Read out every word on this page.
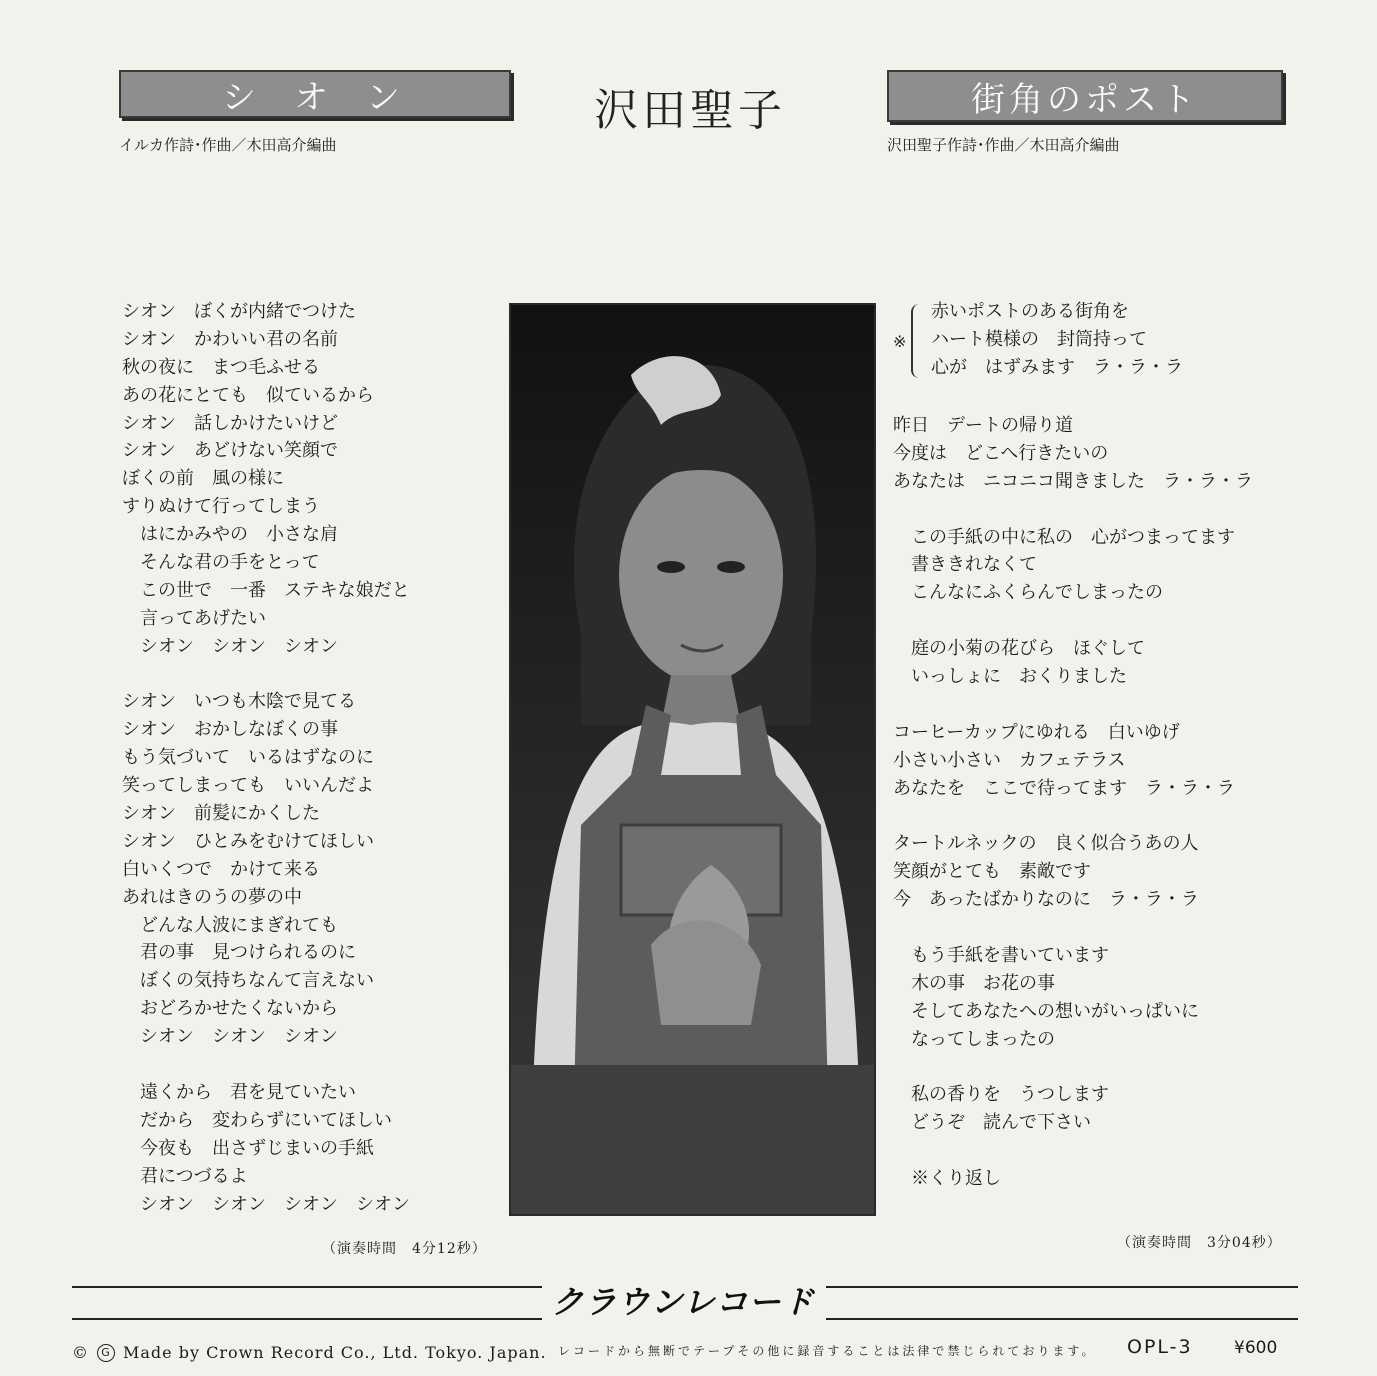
シオン	沢田聖子	街角のポスト
イルカ作詩･作曲／木田高介編曲	沢田聖子作詩･作曲／木田高介編曲
シオン　ぼくが内緒でつけた
シオン　かわいい君の名前
秋の夜に　まつ毛ふせる
あの花にとても　似ているから
シオン　話しかけたいけど
シオン　あどけない笑顔で
ぼくの前　風の様に
すりぬけて行ってしまう
はにかみやの　小さな肩
そんな君の手をとって
この世で　一番　ステキな娘だと
言ってあげたい
シオン　シオン　シオン
シオン　いつも木陰で見てる
シオン　おかしなぼくの事
もう気づいて　いるはずなのに
笑ってしまっても　いいんだよ
シオン　前髪にかくした
シオン　ひとみをむけてほしい
白いくつで　かけて来る
あれはきのうの夢の中
どんな人波にまぎれても
君の事　見つけられるのに
ぼくの気持ちなんて言えない
おどろかせたくないから
シオン　シオン　シオン
遠くから　君を見ていたい
だから　変わらずにいてほしい
今夜も　出さずじまいの手紙
君につづるよ
シオン　シオン　シオン　シオン
※
赤いポストのある街角を
ハート模様の　封筒持って
心が　はずみます　ラ・ラ・ラ
昨日　デートの帰り道
今度は　どこへ行きたいの
あなたは　ニコニコ聞きました　ラ・ラ・ラ
この手紙の中に私の　心がつまってます
書ききれなくて
こんなにふくらんでしまったの
庭の小菊の花びら　ほぐして
いっしょに　おくりました
コーヒーカップにゆれる　白いゆげ
小さい小さい　カフェテラス
あなたを　ここで待ってます　ラ・ラ・ラ
タートルネックの　良く似合うあの人
笑顔がとても　素敵です
今　あったばかりなのに　ラ・ラ・ラ
もう手紙を書いています
木の事　お花の事
そしてあなたへの想いがいっぱいに
なってしまったの
私の香りを　うつします
どうぞ　読んで下さい
※くり返し
（演奏時間　4分12秒）	（演奏時間　3分04秒）
クラウンレコード
©	G Made by Crown Record Co., Ltd. Tokyo. Japan. レコードから無断でテープその他に録音することは法律で禁じられております。 OPL-3 ¥600
